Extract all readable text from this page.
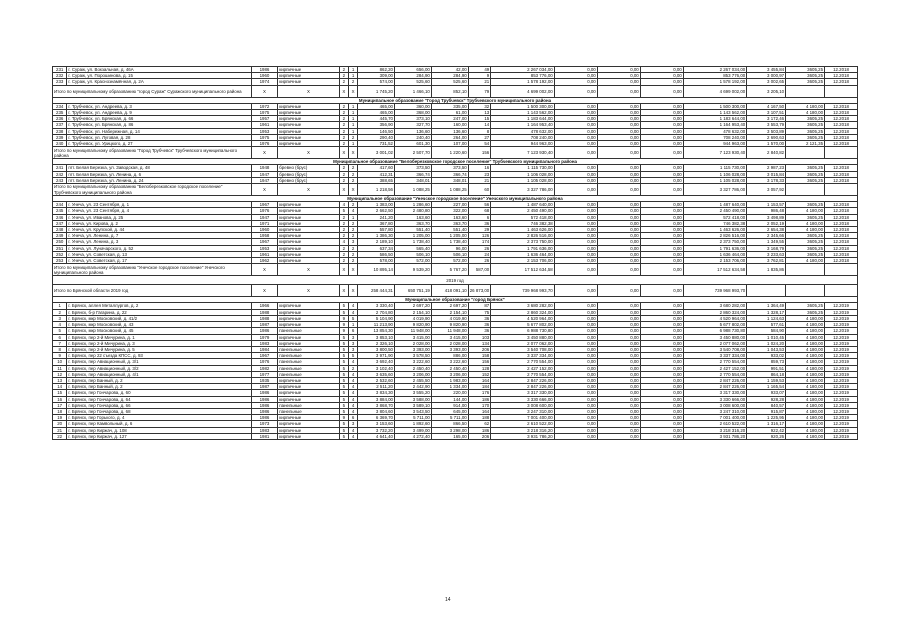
231	г. Сураж, ул. Вокзальная, д. 46А	1986	кирпичные	2	1	862,20	656,00	42,00	49	2 267 034,00	0,00	0,00	0,00	2 267 034,00	3 455,84	3605,25	12.2018
232	г. Сураж, ул. Порошинова, д. 15	1960	кирпичные	2	1	309,00	284,90	284,90	9	853 776,00	0,00	0,00	0,00	853 776,00	3 000,97	3605,25	12.2018
233	г. Сураж, ул. Краснознамённая, д. 2А	1974	кирпичные	2	2	574,00	525,60	525,60	21	1 578 192,00	0,00	0,00	0,00	1 578 192,00	3 002,65	3605,25	12.2018
Итого по муниципальному образованию "город Сураж" Суражского муниципального района		X	X	X	X	1 745,20	1 466,10	852,10	79	4 699 002,00	0,00	0,00	0,00	4 699 002,00	3 205,10		
Муниципальное образование "Город Трубчевск" Трубчевского муниципального района																	
234	г. Трубчевск, ул. Андреева, д. 3	1972	кирпичные	2	1	465,00	360,00	335,00	32	1 500 300,00	0,00	0,00	0,00	1 500 300,00	4 167,50	4 180,00	12.2018
235	г. Трубчевск, ул. Андреева, д. 9	1975	кирпичные	2	1	465,00	368,00	61,00	13	1 143 562,00	0,00	0,00	0,00	1 143 562,00	3 107,51	4 180,00	12.2018
236	г. Трубчевск, ул. Брянская, д. 66	1957	кирпичные	2	1	445,70	373,10	247,00	15	1 183 644,00	0,00	0,00	0,00	1 183 644,00	3 172,46	3605,25	12.2018
237	г. Трубчевск, ул. Брянская, д. 86	1961	кирпичные	2	1	356,90	327,70	160,00	14	1 164 953,40	0,00	0,00	0,00	1 164 953,40	3 553,79	3605,25	12.2018
238	г. Трубчевск, ул. Набережная, д. 14	1953	кирпичные	2	1	146,50	136,60	136,60	8	478 632,00	0,00	0,00	0,00	478 632,00	3 503,89	3605,25	12.2018
239	г. Трубчевск, ул. Луговая, д. 28	1975	кирпичные	2	2	290,40	240,40	264,00	27	708 240,00	0,00	0,00	0,00	708 240,00	2 690,63	3605,25	12.2018
240	г. Трубчевск, ул. Урицкого, д. 27	1976	кирпичные	2	1	731,52	601,30	107,00	54	944 963,00	0,00	0,00	0,00	944 963,00	1 570,00	2 121,35	12.2018
Итого по муниципальному образованию "Город Трубчевск" Трубчевского муниципального района		X	X	X	X	3 001,02	2 507,70	1 220,60	156	7 123 930,40	0,00	0,00	0,00	7 123 930,40	2 840,82		
Муниципальное образование "Белоберезковское городское поселение" Трубчевского муниципального района																	
241	пгт. Белая Березка, ул. Заводская, д. 48	1948	бревно (брус)	2	2	417,60	373,50	373,50	16	1 115 730,00	0,00	0,00	0,00	1 115 730,00	2 987,23	3605,25	12.2018
242	пгт. Белая Березка, ул. Ленина, д. 6	1947	бревно (брус)	2	2	412,31	366,74	366,74	23	1 106 028,00	0,00	0,00	0,00	1 106 028,00	3 015,84	3605,25	12.2018
243	пгт. Белая Березка, ул. Ленина, д. 24	1947	бревно (брус)	2	2	388,65	348,01	348,01	21	1 105 028,00	0,00	0,00	0,00	1 105 028,00	3 178,33	3605,25	12.2018
Итого по муниципальному образованию "Белоберезковское городское поселение" Трубчевского муниципального района		X	X	X	X	1 218,56	1 088,25	1 088,25	60	3 327 786,00	0,00	0,00	0,00	3 327 786,00	3 057,92		
Муниципальное образование "Унечское городское поселение" Унечского муниципального района																	
244	г. Унеча, ул. 23 Сентября, д. 1	1967	кирпичные	4	2	1 383,00	1 286,60	227,00	56	1 487 640,00	0,00	0,00	0,00	1 487 640,00	1 153,57	3605,25	12.2018
245	г. Унеча, ул. 23 Сентября, д. 4	1976	кирпичные	5	4	2 662,50	2 480,80	322,00	68	2 450 490,00	0,00	0,00	0,00	2 450 490,00	986,48	4 180,00	12.2018
246	г. Унеча, ул. Иванова, д. 25	1947	кирпичные	2	1	241,20	163,60	163,60	6	572 418,00	0,00	0,00	0,00	572 418,00	3 498,89	3605,25	12.2018
247	г. Унеча, ул. Кирова, д. 2	1971	кирпичные	2	2	367,80	363,70	363,70	36	746 382,38	0,00	0,00	0,00	746 382,38	2 052,19	4 180,00	12.2018
248	г. Унеча, ул. Крупской, д. 44	1960	кирпичные	2	2	557,80	551,40	551,40	29	1 463 626,00	0,00	0,00	0,00	1 463 626,00	2 654,38	4 180,00	12.2018
249	г. Унеча, ул. Ленина, д. 7	1958	кирпичные	2	2	1 386,30	1 205,00	1 205,00	126	2 826 516,00	0,00	0,00	0,00	2 826 516,00	2 345,66	3605,25	12.2018
250	г. Унеча, ул. Ленина, д. 3	1967	кирпичные	4	3	2 189,10	1 738,40	1 738,40	174	2 373 750,00	0,00	0,00	0,00	2 373 750,00	1 349,55	3605,25	12.2018
251	г. Унеча, ул. Луначарского, д. 52	1953	кирпичные	2	2	637,34	565,40	96,00	26	1 791 636,00	0,00	0,00	0,00	1 791 636,00	3 168,79	3605,25	12.2018
252	г. Унеча, ул. Советская, д. 13	1961	кирпичные	2	2	586,50	506,10	506,10	24	1 636 464,00	0,00	0,00	0,00	1 636 464,00	3 233,63	3605,25	12.2018
253	г. Унеча, ул. Советская, д. 17	1962	кирпичные	2	2	578,00	572,00	572,00	26	2 153 706,00	0,00	0,00	0,00	2 153 706,00	3 762,81	4 180,00	12.2018
Итого по муниципальному образованию "Унечское городское поселение" Унечского муниципального района		X	X	X	X	10 895,14	9 539,20	5 767,20	587,00	17 512 634,58	0,00	0,00	0,00	17 512 634,58	1 835,86		
2019 год																	
Итого по Брянской области 2019 год		X	X	X	X	258 444,31	650 751,19	418 091,10	26 873,00	739 968 993,70	0,00	0,00	0,00	739 968 993,70			
Муниципальное образование "город Брянск"																	
1	г. Брянск, аллея Металлургов, д. 2	1966	кирпичные	5	4	3 330,40	2 697,20	2 697,20	87	3 680 282,00	0,00	0,00	0,00	3 680 282,00	1 364,49	3605,25	12.2019
2	г. Брянск, б-р Гагарина, д. 22	1988	кирпичные	5	4	2 704,80	2 154,10	2 154,10	75	2 860 324,00	0,00	0,00	0,00	2 860 324,00	1 328,17	3605,25	12.2019
3	г. Брянск, мкр Московский, д. 41/2	1988	кирпичные	9	5	5 104,90	4 019,90	4 019,90	36	4 520 964,00	0,00	0,00	0,00	4 520 964,00	1 124,63	4 180,00	12.2019
4	г. Брянск, мкр Московский, д. 43	1987	кирпичные	9	1	11 213,90	9 820,90	9 820,90	36	5 677 802,00	0,00	0,00	0,00	5 677 802,00	577,61	4 180,00	12.2019
5	г. Брянск, мкр Московский, д. 45	1986	панельные	9	6	13 854,30	11 948,00	11 948,00	36	6 988 730,80	0,00	0,00	0,00	6 988 730,80	584,90	4 180,00	12.2019
6	г. Брянск, пер 2-й Мичурина, д. 1	1979	кирпичные	5	3	3 853,10	3 415,00	3 415,00	103	3 450 880,00	0,00	0,00	0,00	3 450 880,00	1 010,45	4 180,00	12.2019
7	г. Брянск, пер 2-й Мичурина, д. 3	1983	кирпичные	5	3	2 326,10	2 028,00	2 028,00	134	2 077 062,00	0,00	0,00	0,00	2 077 062,00	1 024,20	4 180,00	12.2019
8	г. Брянск, пер 2-й Мичурина, д. 5	1984	панельные	5	3	3 800,50	3 393,00	3 393,00	206	3 540 708,00	0,00	0,00	0,00	3 540 708,00	1 043,53	4 180,00	12.2019
9	г. Брянск, пер 22 съезда КПСС, д. 93	1967	панельные	5	5	3 971,90	3 578,50	886,00	158	3 337 334,00	0,00	0,00	0,00	3 337 334,00	933,02	4 180,00	12.2019
10	г. Брянск, пер Авиационный, д. 3/1	1976	панельные	5	4	3 692,40	3 222,60	3 222,60	156	2 770 554,00	0,00	0,00	0,00	2 770 554,00	859,73	4 180,00	12.2019
11	г. Брянск, пер Авиационный, д. 3/2	1982	панельные	5	2	3 102,40	2 450,40	2 450,40	128	2 427 152,00	0,00	0,00	0,00	2 427 152,00	991,51	4 180,00	12.2019
12	г. Брянск, пер Авиационный, д. 4/1	1977	панельные	5	4	3 635,60	3 206,00	3 206,00	152	2 770 554,00	0,00	0,00	0,00	2 770 554,00	864,18	4 180,00	12.2019
13	г. Брянск, пер Банный, д. 2	1935	кирпичные	5	4	2 532,60	2 455,50	1 983,00	164	2 847 226,00	0,00	0,00	0,00	2 847 226,00	1 159,53	4 180,00	12.2019
14	г. Брянск, пер Банный, д. 2	1987	кирпичные	5	4	2 511,20	2 442,90	1 334,00	184	2 847 226,00	0,00	0,00	0,00	2 847 226,00	1 165,54	4 180,00	12.2019
15	г. Брянск, пер Гончарова, д. 60	1986	кирпичные	5	4	3 834,30	3 555,20	220,00	176	3 317 330,00	0,00	0,00	0,00	3 317 330,00	933,07	4 180,00	12.2019
16	г. Брянск, пер Гончарова, д. 64	1986	кирпичные	5	4	3 884,00	3 588,00	144,00	186	3 330 666,00	0,00	0,00	0,00	3 330 666,00	928,28	4 180,00	12.2019
17	г. Брянск, пер Гончарова, д. 66	1986	панельные	5	4	3 868,70	3 589,10	914,00	170	3 008 600,00	0,00	0,00	0,00	3 008 600,00	840,57	4 180,00	12.2019
18	г. Брянск, пер Гончарова, д. 68	1986	панельные	5	4	3 804,60	3 543,50	645,00	164	3 247 310,00	0,00	0,00	0,00	3 247 310,00	915,87	4 180,00	12.2019
19	г. Брянск, пер Горького, д. 4	1986	кирпичные	9	6	6 369,70	5 711,00	5 711,00	188	7 001 400,00	0,00	0,00	0,00	7 001 400,00	1 225,95	4 180,00	12.2019
20	г. Брянск, пер Камвольный, д. 6	1973	кирпичные	5	3	3 153,60	1 892,60	866,50	62	2 610 522,00	0,00	0,00	0,00	2 610 522,00	1 316,17	4 180,00	12.2019
21	г. Брянск, пер Киржач, д. 108	1983	кирпичные	5	4	3 732,20	3 499,00	3 298,00	186	3 218 316,20	0,00	0,00	0,00	3 218 316,20	922,42	4 180,00	12.2019
22	г. Брянск, пер Киржач, д. 127	1981	кирпичные	5	4	4 641,40	4 272,40	165,00	206	3 931 786,20	0,00	0,00	0,00	3 931 786,20	920,26	4 180,00	12.2019
14
